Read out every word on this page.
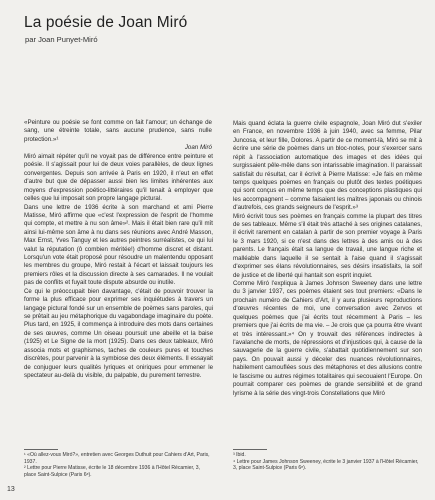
La poésie de Joan Miró
par Joan Punyet-Miró
«Peinture ou poésie se font comme on fait l'amour; un échange de sang, une étreinte totale, sans aucune prudence, sans nulle protection.»¹
Joan Miró

Miró aimait répéter qu'il ne voyait pas de différence entre peinture et poésie. Il s'agissait pour lui de deux voies parallèles, de deux lignes convergentes. Depuis son arrivée à Paris en 1920, il n'eut en effet d'autre but que de dépasser aussi bien les limites inhérentes aux moyens d'expression poético-littéraires qu'il tenait à employer que celles que lui imposait son propre langage pictural.

Dans une lettre de 1936 écrite à son marchand et ami Pierre Matisse, Miró affirme que «c'est l'expression de l'esprit de l'homme qui compte, et mettre à nu son âme»². Mais il était bien rare qu'il mît ainsi lui-même son âme à nu dans ses réunions avec André Masson, Max Ernst, Yves Tanguy et les autres peintres surréalistes, ce qui lui valut la réputation (ô combien méritée!) d'homme discret et distant. Lorsqu'un vote était proposé pour résoudre un malentendu opposant les membres du groupe, Miró restait à l'écart et laissait toujours les premiers rôles et la discussion directe à ses camarades. Il ne voulait pas de conflits et fuyait toute dispute absurde ou inutile.

Ce qui le préoccupait bien davantage, c'était de pouvoir trouver la forme la plus efficace pour exprimer ses inquiétudes à travers un langage pictural fondé sur un ensemble de poèmes sans paroles, qui se prêtait au jeu métaphorique du vagabondage imaginaire du poète. Plus tard, en 1925, il commença à introduire des mots dans certaines de ses œuvres, comme Un oiseau poursuit une abeille et la baise (1925) et Le Signe de la mort (1925). Dans ces deux tableaux, Miró associa mots et graphismes, taches de couleurs pures et touches discrètes, pour parvenir à la symbiose des deux éléments. Il essayait de conjuguer leurs qualités lyriques et oniriques pour emmener le spectateur au-delà du visible, du palpable, du purement terrestre.

Mais quand éclata la guerre civile espagnole, Joan Miró dut s'exiler en France, en novembre 1936 à juin 1940, avec sa femme, Pilar Juncosa, et leur fille, Dolores. A partir de ce moment-là, Miró se mit à écrire une série de poèmes dans un bloc-notes, pour s'exercer sans répit à l'association automatique des images et des idées qui surgissaient pêle-mêle dans son intarissable imagination. Il paraissait satisfait du résultat, car il écrivit à Pierre Matisse: «Je fais en même temps quelques poèmes en français ou plutôt des textes poétiques qui sont conçus en même temps que des conceptions plastiques qui les accompagnent – comme faisaient les maîtres japonais ou chinois d'autrefois, ces grands seigneurs de l'esprit.»³

Miró écrivit tous ses poèmes en français comme la plupart des titres de ses tableaux. Même s'il était très attaché à ses origines catalanes, il écrivit rarement en catalan à partir de son premier voyage à Paris le 3 mars 1920, si ce n'est dans des lettres à des amis ou à des parents. Le français était sa langue de travail, une langue riche et malléable dans laquelle il se sentait à l'aise quand il s'agissait d'exprimer ses élans révolutionnaires, ses désirs insatisfaits, la soif de justice et de liberté qui hantait son esprit inquiet.

Comme Miró l'expliqua à James Johnson Sweeney dans une lettre du 3 janvier 1937, ces poèmes étaient ses tout premiers: «Dans le prochain numéro de Cahiers d'Art, il y aura plusieurs reproductions d'œuvres récentes de moi, une conversation avec Zervos et quelques poèmes que j'ai écrits tout récemment à Paris – les premiers que j'ai écrits de ma vie. – Je crois que ça pourra être vivant et très intéressant.»⁴ On y trouvait des références indirectes à l'avalanche de morts, de répressions et d'injustices qui, à cause de la sauvagerie de la guerre civile, s'abattait quotidiennement sur son pays. On pouvait aussi y déceler des nuances révolutionnaires, habilement camouflées sous des métaphores et des allusions contre le fascisme ou autres régimes totalitaires qui secouaient l'Europe. On pourrait comparer ces poèmes de grande sensibilité et de grand lyrisme à la série des vingt-trois Constellations que Miró

¹ «Où allez-vous Miró?», entretien avec Georges Duthuit pour Cahiers d'Art, Paris, 1937.
² Lettre pour Pierre Matisse, écrite le 18 décembre 1936 à l'Hôtel Récamier, 3, place Saint-Sulpice (Paris 6ᵉ).
³ Ibid.
⁴ Lettre pour James Johnson Sweeney, écrite le 3 janvier 1937 à l'Hôtel Récamier, 3, place Saint-Sulpice (Paris 6ᵉ).
13
